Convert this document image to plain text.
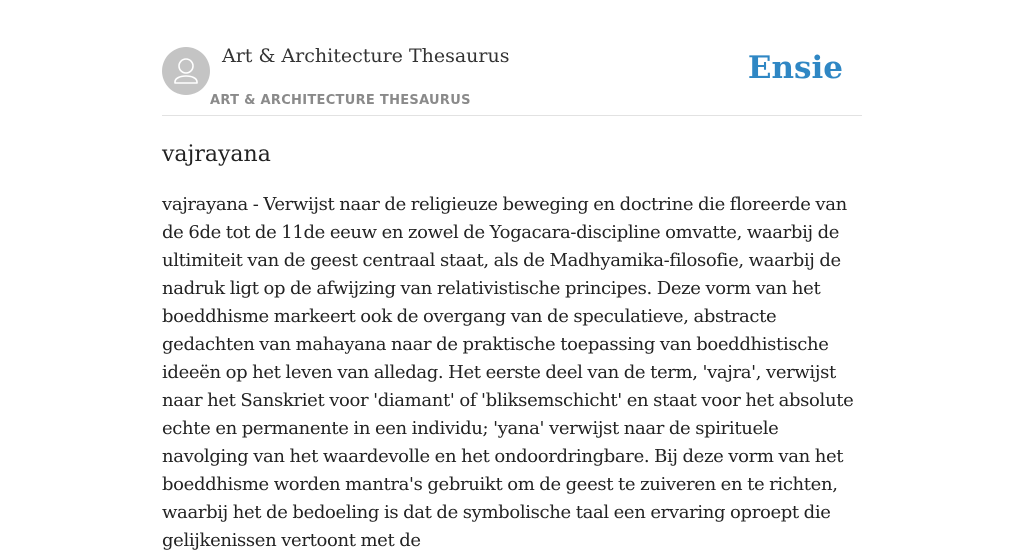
Art & Architecture Thesaurus
ART & ARCHITECTURE THESAURUS
Ensie
vajrayana

vajrayana - Verwijst naar de religieuze beweging en doctrine die floreerde van de 6de tot de 11de eeuw en zowel de Yogacara-discipline omvatte, waarbij de ultimiteit van de geest centraal staat, als de Madhyamika-filosofie, waarbij de nadruk ligt op de afwijzing van relativistische principes. Deze vorm van het boeddhisme markeert ook de overgang van de speculatieve, abstracte gedachten van mahayana naar de praktische toepassing van boeddhistische ideeën op het leven van alledag. Het eerste deel van de term, 'vajra', verwijst naar het Sanskriet voor 'diamant' of 'bliksemschicht' en staat voor het absolute echte en permanente in een individu; 'yana' verwijst naar de spirituele navolging van het waardevolle en het ondoordringbare. Bij deze vorm van het boeddhisme worden mantra's gebruikt om de geest te zuiveren en te richten, waarbij het de bedoeling is dat de symbolische taal een ervaring oproept die gelijkenissen vertoont met de
